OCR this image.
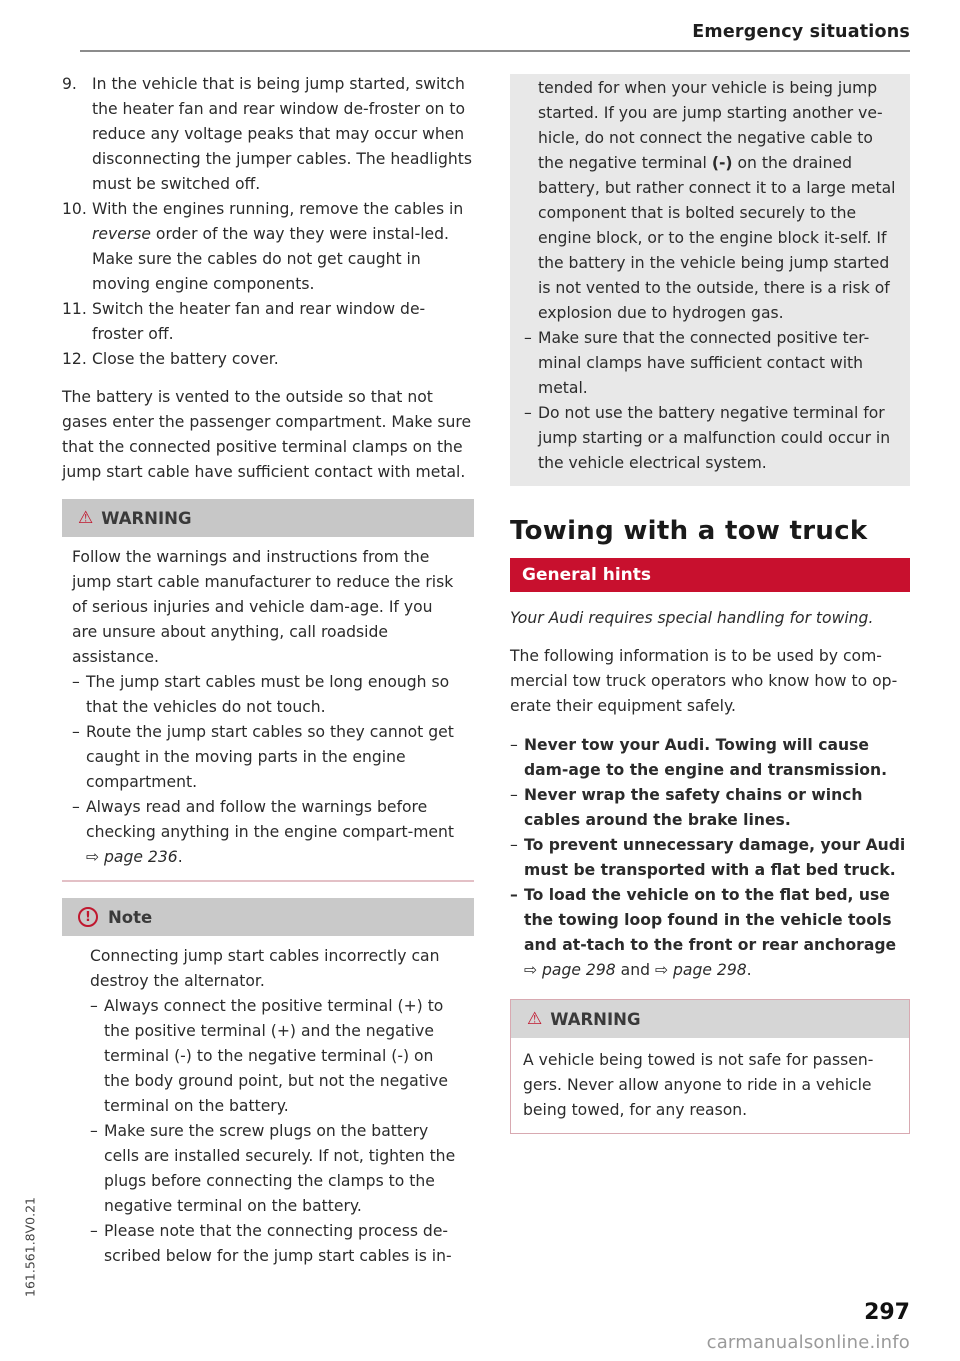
Emergency situations
9. In the vehicle that is being jump started, switch the heater fan and rear window de-froster on to reduce any voltage peaks that may occur when disconnecting the jumper cables. The headlights must be switched off.
10. With the engines running, remove the cables in reverse order of the way they were instal-led. Make sure the cables do not get caught in moving engine components.
11. Switch the heater fan and rear window de-froster off.
12. Close the battery cover.

The battery is vented to the outside so that not gases enter the passenger compartment. Make sure that the connected positive terminal clamps on the jump start cable have sufficient contact with metal.

⚠ WARNING

Follow the warnings and instructions from the jump start cable manufacturer to reduce the risk of serious injuries and vehicle dam-age. If you are unsure about anything, call roadside assistance.

– The jump start cables must be long enough so that the vehicles do not touch.
– Route the jump start cables so they cannot get caught in the moving parts in the engine compartment.
– Always read and follow the warnings before checking anything in the engine compart-ment ⇨ page 236.
!	Note

Connecting jump start cables incorrectly can destroy the alternator.

– Always connect the positive terminal (+) to the positive terminal (+) and the negative terminal (-) to the negative terminal (-) on the body ground point, but not the negative terminal on the battery.
– Make sure the screw plugs on the battery cells are installed securely. If not, tighten the plugs before connecting the clamps to the negative terminal on the battery.
– Please note that the connecting process de-scribed below for the jump start cables is in-

tended for when your vehicle is being jump started. If you are jump starting another ve-hicle, do not connect the negative cable to the negative terminal (-) on the drained battery, but rather connect it to a large metal component that is bolted securely to the engine block, or to the engine block it-self. If the battery in the vehicle being jump started is not vented to the outside, there is a risk of explosion due to hydrogen gas.

– Make sure that the connected positive ter-minal clamps have sufficient contact with metal.
– Do not use the battery negative terminal for jump starting or a malfunction could occur in the vehicle electrical system.
Towing with a tow truck
General hints

Your Audi requires special handling for towing.

The following information is to be used by com-mercial tow truck operators who know how to op-erate their equipment safely.

– Never tow your Audi. Towing will cause dam-age to the engine and transmission.
– Never wrap the safety chains or winch cables around the brake lines.
– To prevent unnecessary damage, your Audi must be transported with a flat bed truck.
– To load the vehicle on to the flat bed, use the towing loop found in the vehicle tools and at-tach to the front or rear anchorage
⇨ page 298 and ⇨ page 298.
⚠ WARNING

A vehicle being towed is not safe for passen-gers. Never allow anyone to ride in a vehicle being towed, for any reason.

161.561.8V0.21
297
carmanualsonline.info
